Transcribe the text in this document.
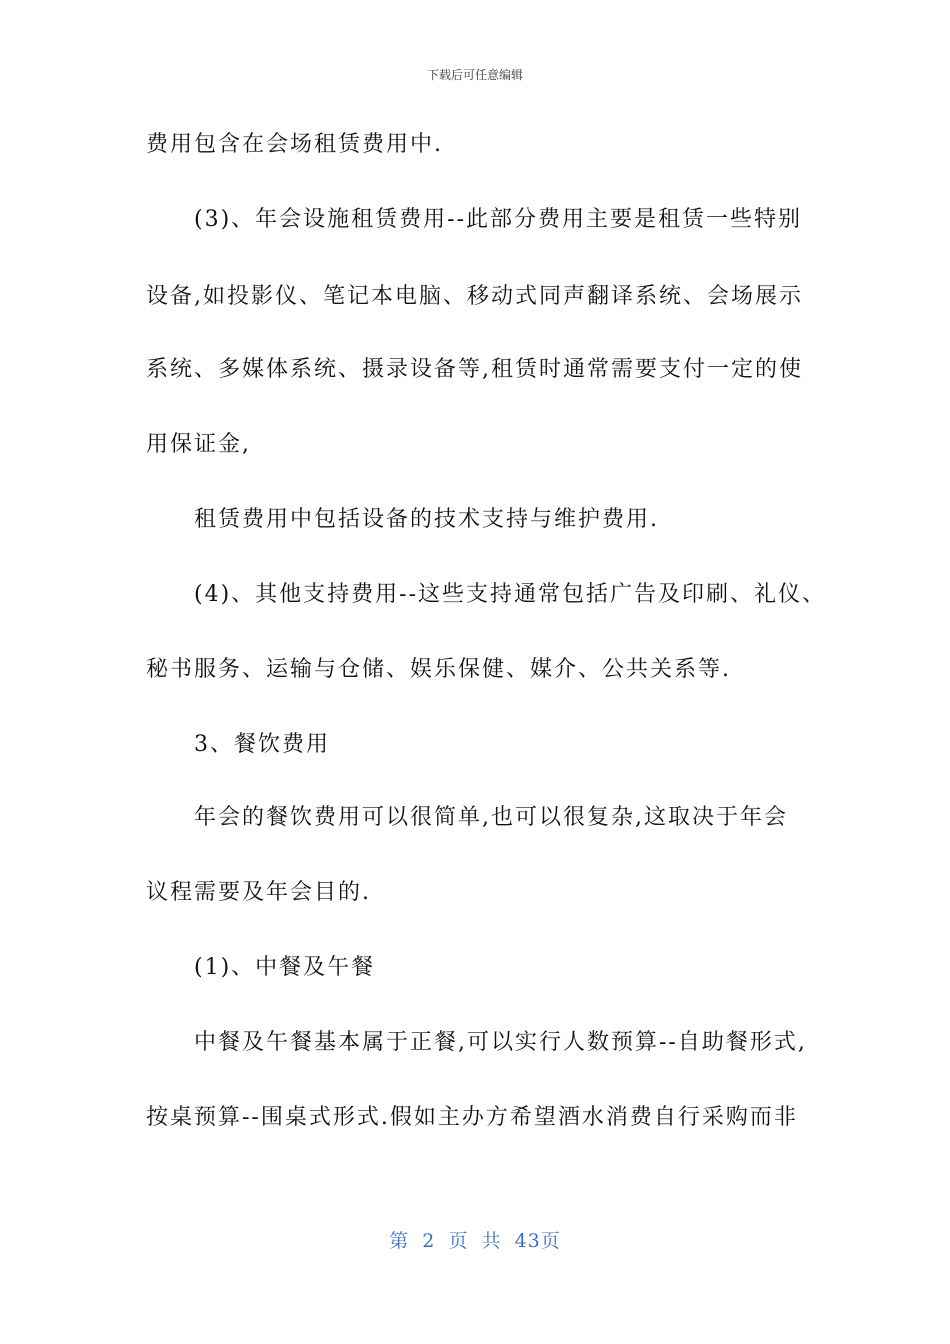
下载后可任意编辑
费用包含在会场租赁费用中.
(3)、年会设施租赁费用--此部分费用主要是租赁一些特别
设备,如投影仪、笔记本电脑、移动式同声翻译系统、会场展示
系统、多媒体系统、摄录设备等,租赁时通常需要支付一定的使
用保证金,
租赁费用中包括设备的技术支持与维护费用.
(4)、其他支持费用--这些支持通常包括广告及印刷、礼仪、
秘书服务、运输与仓储、娱乐保健、媒介、公共关系等.
3、餐饮费用
年会的餐饮费用可以很简单,也可以很复杂,这取决于年会
议程需要及年会目的.
(1)、中餐及午餐
中餐及午餐基本属于正餐,可以实行人数预算--自助餐形式,
按桌预算--围桌式形式.假如主办方希望酒水消费自行采购而非
第 2 页 共 43页
